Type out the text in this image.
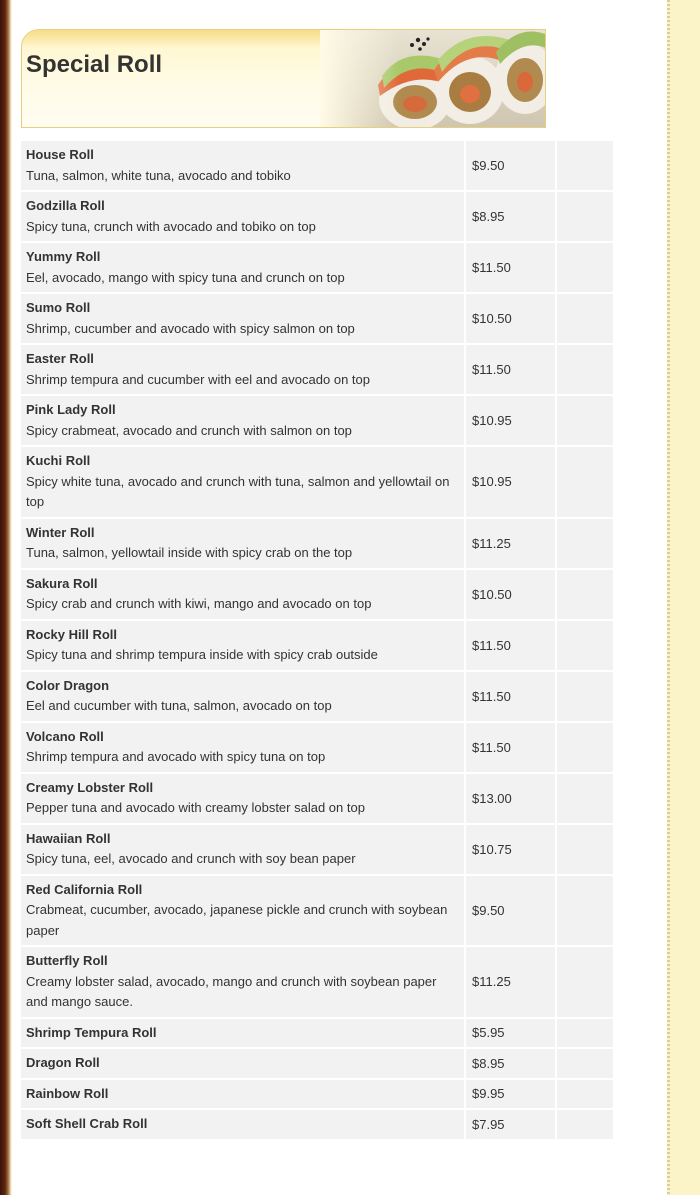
Special Roll
House Roll
Tuna, salmon, white tuna, avocado and tobiko	$9.50	

Godzilla Roll
Spicy tuna, crunch with avocado and tobiko on top	$8.95	

Yummy Roll
Eel, avocado, mango with spicy tuna and crunch on top	$11.50	

Sumo Roll
Shrimp, cucumber and avocado with spicy salmon on top	$10.50	

Easter Roll
Shrimp tempura and cucumber with eel and avocado on top	$11.50	

Pink Lady Roll
Spicy crabmeat, avocado and crunch with salmon on top	$10.95	

Kuchi Roll
Spicy white tuna, avocado and crunch with tuna, salmon and yellowtail on top	$10.95	

Winter Roll
Tuna, salmon, yellowtail inside with spicy crab on the top	$11.25	

Sakura Roll
Spicy crab and crunch with kiwi, mango and avocado on top	$10.50	

Rocky Hill Roll
Spicy tuna and shrimp tempura inside with spicy crab outside	$11.50	

Color Dragon
Eel and cucumber with tuna, salmon, avocado on top	$11.50	

Volcano Roll
Shrimp tempura and avocado with spicy tuna on top	$11.50	

Creamy Lobster Roll
Pepper tuna and avocado with creamy lobster salad on top	$13.00	

Hawaiian Roll
Spicy tuna, eel, avocado and crunch with soy bean paper	$10.75	

Red California Roll
Crabmeat, cucumber, avocado, japanese pickle and crunch with soybean paper	$9.50	

Butterfly Roll
Creamy lobster salad, avocado, mango and crunch with soybean paper and mango sauce.	$11.25	

Shrimp Tempura Roll	$5.95	

Dragon Roll	$8.95	

Rainbow Roll	$9.95	

Soft Shell Crab Roll	$7.95	
